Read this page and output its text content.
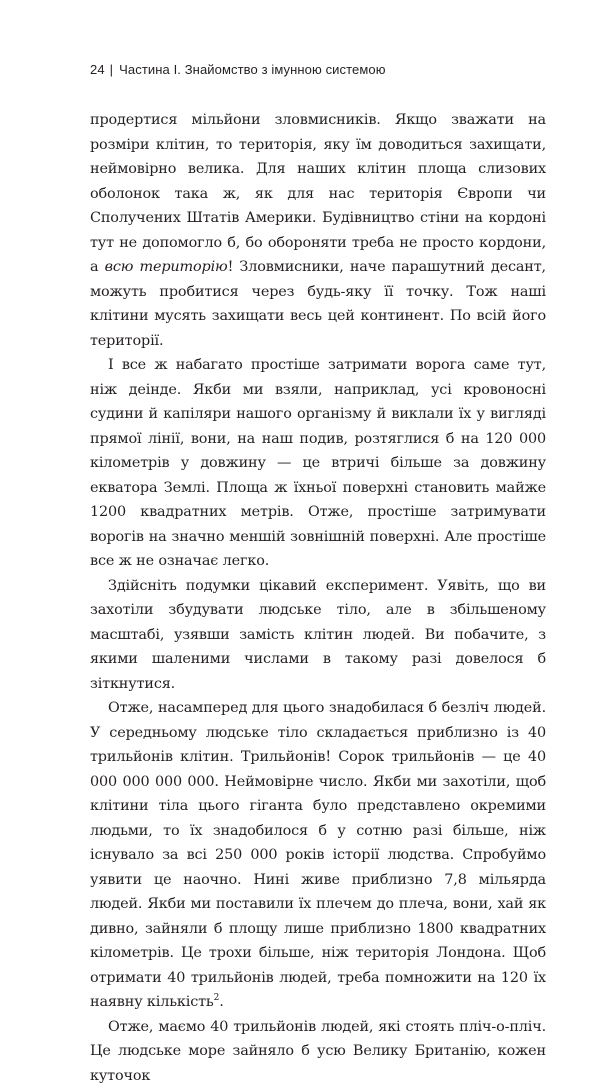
24 | Частина I. Знайомство з імунною системою

продертися мільйони зловмисників. Якщо зважати на розміри клітин, то територія, яку їм доводиться захищати, неймовірно велика. Для наших клітин площа слизових оболонок така ж, як для нас територія Європи чи Сполучених Штатів Америки. Будівництво стіни на кордоні тут не допомогло б, бо обороняти треба не просто кордони, а всю територію! Зловмисники, наче парашутний десант, можуть пробитися через будь-яку її точку. Тож наші клітини мусять захищати весь цей континент. По всій його території.

І все ж набагато простіше затримати ворога саме тут, ніж деінде. Якби ми взяли, наприклад, усі кровоносні судини й капіляри нашого організму й виклали їх у вигляді прямої лінії, вони, на наш подив, розтяглися б на 120 000 кілометрів у довжину — це втричі більше за довжину екватора Землі. Площа ж їхньої поверхні становить майже 1200 квадратних метрів. Отже, простіше затримувати ворогів на значно меншій зовнішній поверхні. Але простіше все ж не означає легко.

Здійсніть подумки цікавий експеримент. Уявіть, що ви захотіли збудувати людське тіло, але в збільшеному масштабі, узявши замість клітин людей. Ви побачите, з якими шаленими числами в такому разі довелося б зіткнутися.

Отже, насамперед для цього знадобилася б безліч людей. У середньому людське тіло складається приблизно із 40 трильйонів клітин. Трильйонів! Сорок трильйонів — це 40 000 000 000 000. Неймовірне число. Якби ми захотіли, щоб клітини тіла цього гіганта було представлено окремими людьми, то їх знадобилося б у сотню разі більше, ніж існувало за всі 250 000 років історії людства. Спробуймо уявити це наочно. Нині живе приблизно 7,8 мільярда людей. Якби ми поставили їх плечем до плеча, вони, хай як дивно, зайняли б площу лише приблизно 1800 квадратних кілометрів. Це трохи більше, ніж територія Лондона. Щоб отримати 40 трильйонів людей, треба помножити на 120 їх наявну кількість$^2$.

Отже, маємо 40 трильйонів людей, які стоять пліч-о-пліч. Це людське море зайняло б усю Велику Британію, кожен куточок
